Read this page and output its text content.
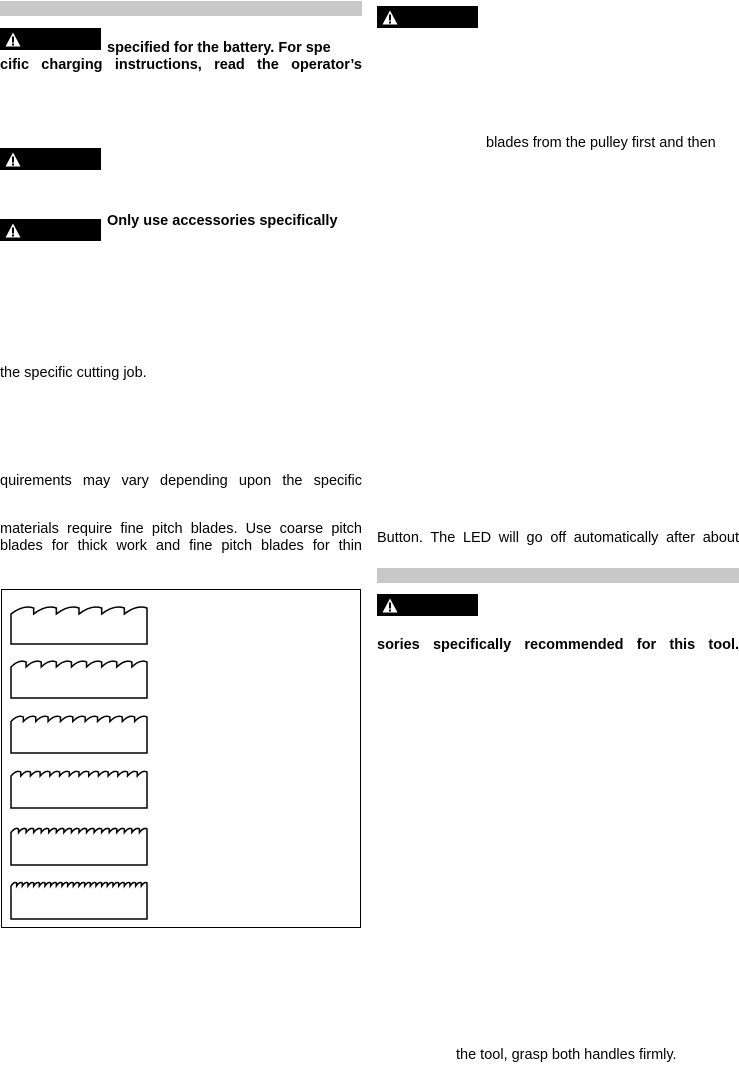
specified for the battery. For spe
cific charging instructions, read the operator’s
Only use accessories specifically
the specific cutting job.
quirements may vary depending upon the specific
materials require fine pitch blades. Use coarse pitch
blades for thick work and fine pitch blades for thin
blades from the pulley first and then
Button. The LED will go off automatically after about
sories specifically recommended for this tool.
the tool, grasp both handles firmly.
